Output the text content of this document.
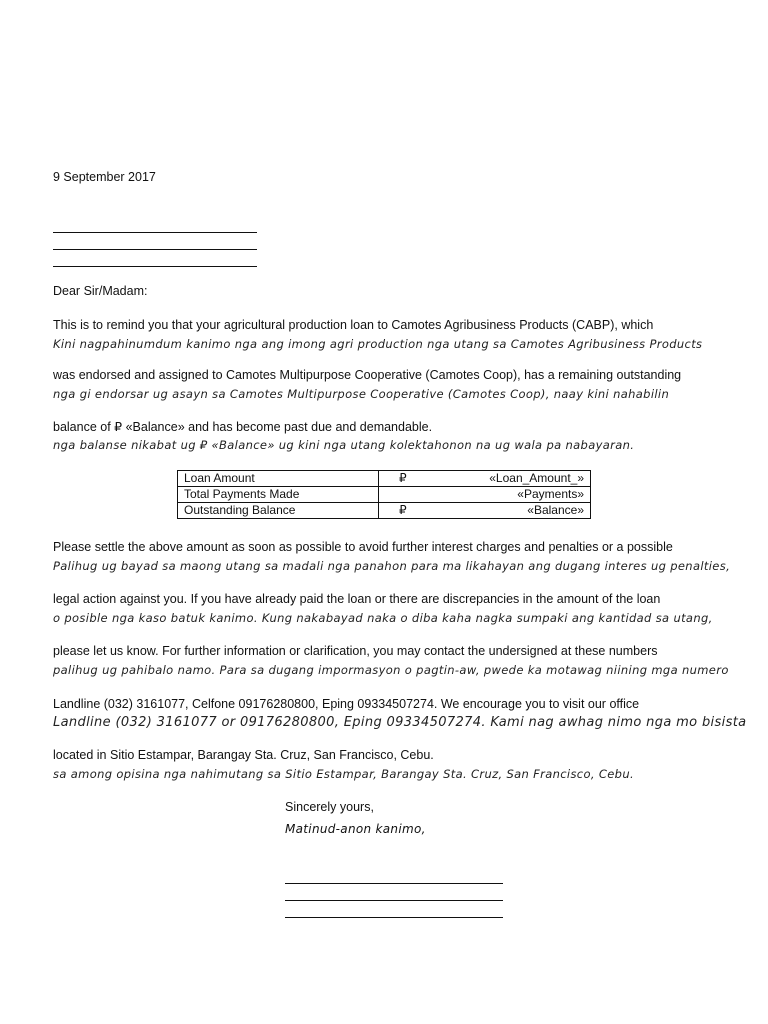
9 September 2017
Dear Sir/Madam:
This is to remind you that your agricultural production loan to Camotes Agribusiness Products (CABP), which
Kini nagpahinumdum kanimo nga ang imong agri production nga utang sa Camotes Agribusiness Products
was endorsed and assigned to Camotes Multipurpose Cooperative (Camotes Coop), has a remaining outstanding
nga gi endorsar ug asayn sa Camotes Multipurpose Cooperative (Camotes Coop), naay kini nahabilin
balance of ₽ «Balance» and has become past due and demandable.
nga balanse nikabat ug ₽ «Balance» ug kini nga utang kolektahonon na ug wala pa nabayaran.
Loan Amount	₽ «Loan_Amount_»
Total Payments Made	«Payments»
Outstanding Balance	₽ «Balance»
Please settle the above amount as soon as possible to avoid further interest charges and penalties or a possible
Palihug ug bayad sa maong utang sa madali nga panahon para ma likahayan ang dugang interes ug penalties,
legal action against you. If you have already paid the loan or there are discrepancies in the amount of the loan
o posible nga kaso batuk kanimo. Kung nakabayad naka o diba kaha nagka sumpaki ang kantidad sa utang,
please let us know. For further information or clarification, you may contact the undersigned at these numbers
palihug ug pahibalo namo. Para sa dugang impormasyon o pagtin-aw, pwede ka motawag niining mga numero
Landline (032) 3161077, Celfone 09176280800, Eping 09334507274. We encourage you to visit our office
Landline (032) 3161077 or 09176280800, Eping 09334507274. Kami nag awhag nimo nga mo bisista
located in Sitio Estampar, Barangay Sta. Cruz, San Francisco, Cebu.
sa among opisina nga nahimutang sa Sitio Estampar, Barangay Sta. Cruz, San Francisco, Cebu.
Sincerely yours,
Matinud-anon kanimo,
